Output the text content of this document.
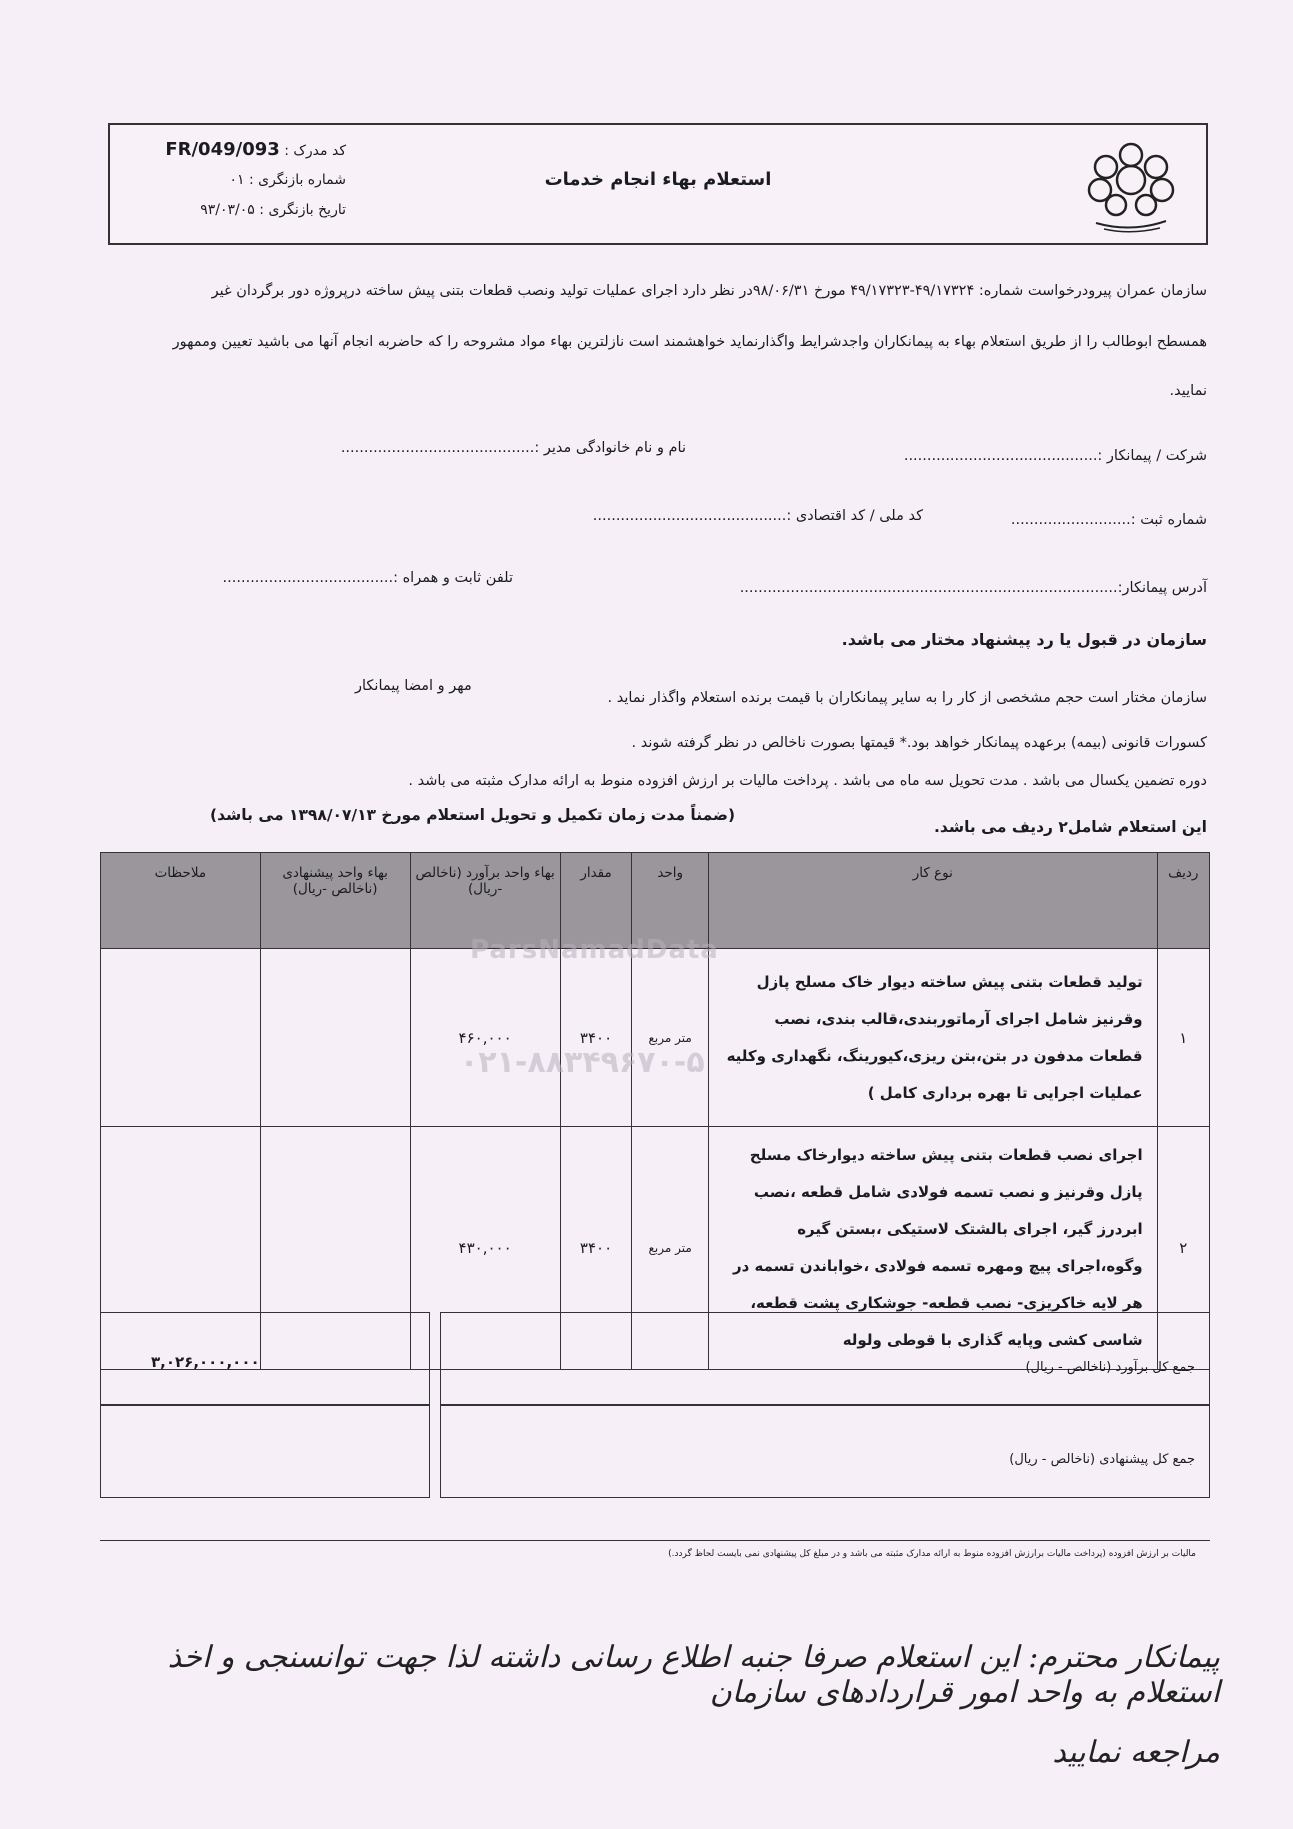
کد مدرک : FR/049/093
شماره بازنگری : ۰۱
تاریخ بازنگری : ۹۳/۰۳/۰۵
استعلام بهاء انجام خدمات
سازمان عمران پیرودرخواست شماره: ۴۹/۱۷۳۲۴-۴۹/۱۷۳۲۳ مورخ ۹۸/۰۶/۳۱در نظر دارد اجرای عملیات تولید ونصب قطعات بتنی پیش ساخته درپروژه دور برگردان غیر
همسطح ابوطالب را از طریق استعلام بهاء به پیمانکاران واجدشرایط واگذارنماید خواهشمند است نازلترین بهاء مواد مشروحه را که حاضربه انجام آنها می باشید تعیین وممهور
نمایید.
شرکت / پیمانکار :..........................................
نام و نام خانوادگی مدیر :..........................................
شماره ثبت :..........................
کد ملی / کد اقتصادی :..........................................
آدرس پیمانکار:..................................................................................
تلفن ثابت و همراه :.....................................
سازمان در قبول یا رد پیشنهاد مختار می باشد.
سازمان مختار است حجم مشخصی از کار را به سایر پیمانکاران با قیمت برنده استعلام واگذار نماید .
مهر و امضا پیمانکار
کسورات قانونی (بیمه) برعهده پیمانکار خواهد بود.* قیمتها بصورت ناخالص در نظر گرفته شوند .
دوره تضمین یکسال می باشد . مدت تحویل سه ماه می باشد . پرداخت مالیات بر ارزش افزوده منوط به ارائه مدارک مثبته می باشد .
این استعلام شامل۲ ردیف می باشد.
(ضمناً مدت زمان تکمیل و تحویل استعلام مورخ ۱۳۹۸/۰۷/۱۳ می باشد)
ردیف	نوع کار	واحد	مقدار	بهاء واحد برآورد (ناخالص -ریال)	بهاء واحد پیشنهادی (ناخالص -ریال)	ملاحظات
۱	تولید قطعات بتنی پیش ساخته دیوار خاک مسلح پازل وقرنیز شامل اجرای آرماتوربندی،قالب بندی، نصب قطعات مدفون در بتن،بتن ریزی،کیورینگ، نگهداری وکلیه عملیات اجرایی تا بهره برداری کامل )	متر مربع	۳۴۰۰	۴۶۰,۰۰۰		
۲	اجرای نصب قطعات بتنی پیش ساخته دیوارخاک مسلح پازل وقرنیز و نصب تسمه فولادی شامل قطعه ،نصب ابردرز گیر، اجرای بالشتک لاستیکی ،بستن گیره وگوه،اجرای پیچ ومهره تسمه فولادی ،خواباندن تسمه در هر لایه خاکریزی- نصب قطعه- جوشکاری پشت قطعه، شاسی کشی وپایه گذاری با قوطی ولوله	متر مربع	۳۴۰۰	۴۳۰,۰۰۰		
جمع کل برآورد (ناخالص - ریال)
۳,۰۲۶,۰۰۰,۰۰۰
جمع کل پیشنهادی (ناخالص - ریال)
مالیات بر ارزش افزوده (پرداخت مالیات برارزش افزوده منوط به ارائه مدارک مثبته می باشد و در مبلغ کل پیشنهادی نمی بایست لحاظ گردد.)
پیمانکار محترم: این استعلام صرفا جنبه اطلاع رسانی داشته لذا جهت توانسنجی و اخذ استعلام به واحد امور قراردادهای سازمان
مراجعه نمایید
ParsNamadData
۰۲۱-۸۸۳۴۹۶۷۰-۵
